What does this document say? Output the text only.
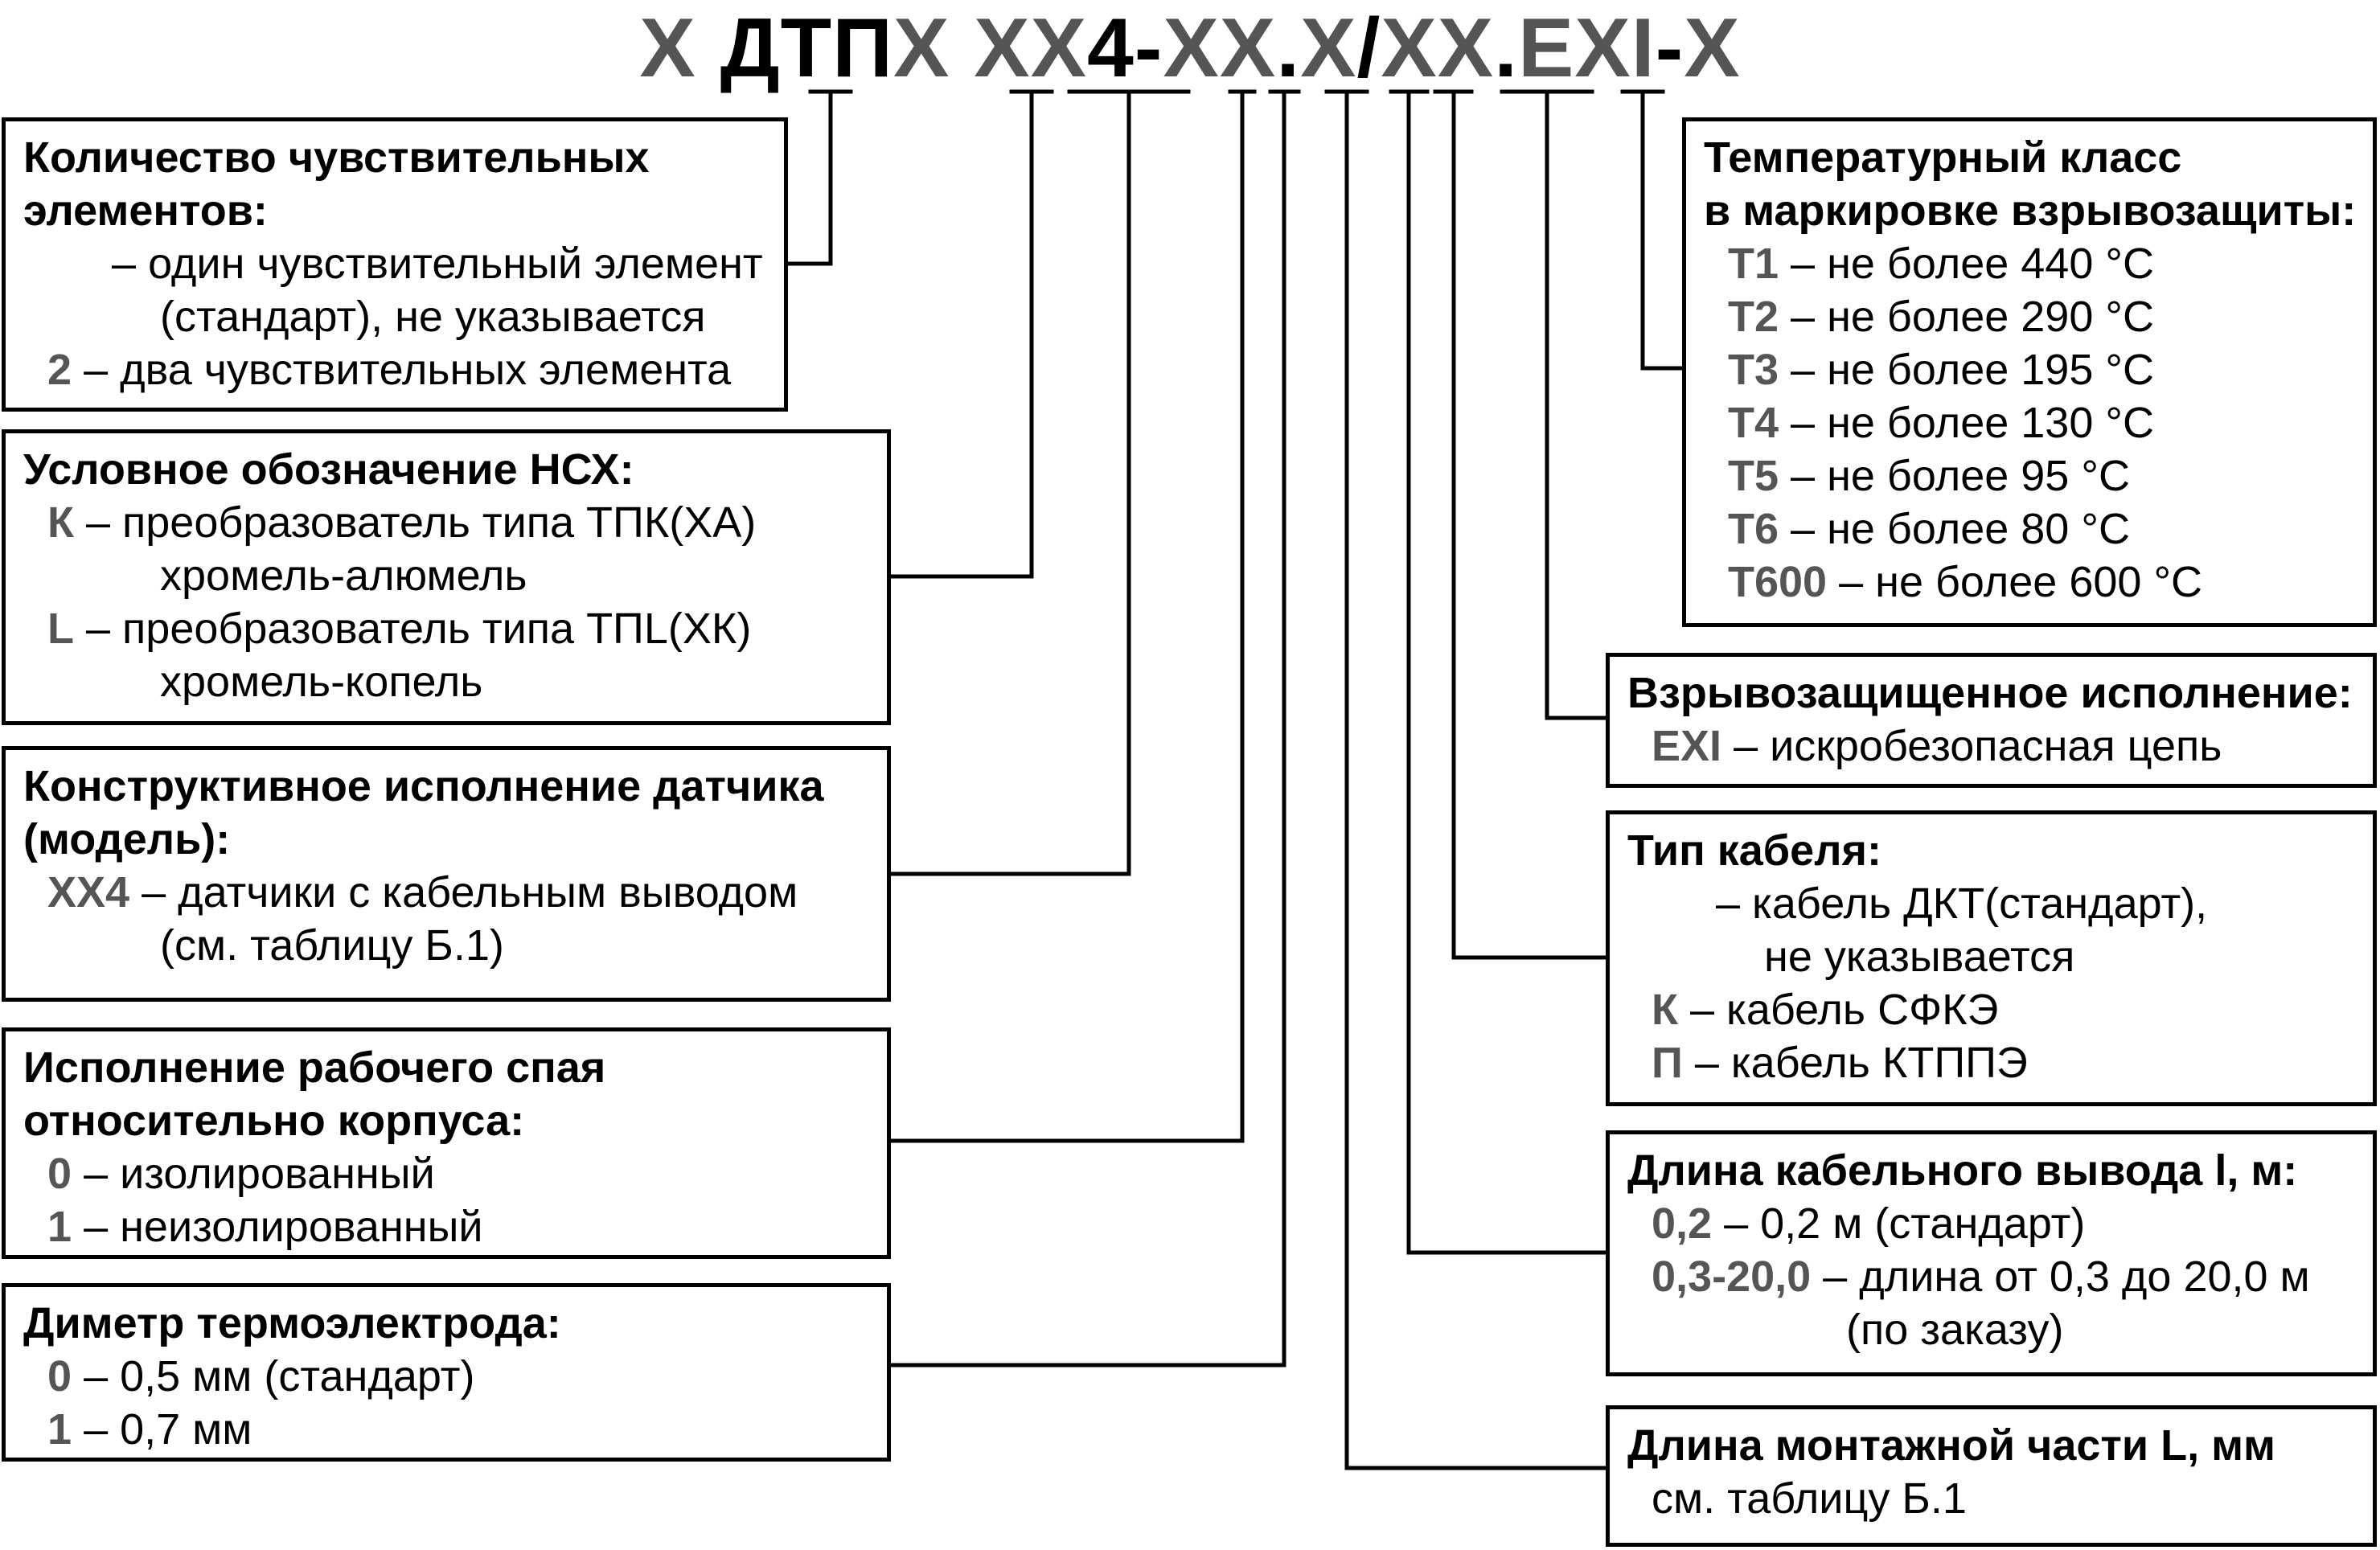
X ДТПX XX4-XX.X/XX.EXI-X
Количество чувствительных
элементов:
– один чувствительный элемент
(стандарт), не указывается
2 – два чувствительных элемента
Условное обозначение НСХ:
К – преобразователь типа ТПК(ХА)
хромель-алюмель
L – преобразователь типа ТПL(ХК)
хромель-копель
Конструктивное исполнение датчика
(модель):
XX4 – датчики с кабельным выводом
(см. таблицу Б.1)
Исполнение рабочего спая
относительно корпуса:
0 – изолированный
1 – неизолированный
Диметр термоэлектрода:
0 – 0,5 мм (стандарт)
1 – 0,7 мм
Температурный класс
в маркировке взрывозащиты:
T1 – не более 440 °C
T2 – не более 290 °C
T3 – не более 195 °C
T4 – не более 130 °C
T5 – не более 95 °C
T6 – не более 80 °C
T600 – не более 600 °C
Взрывозащищенное исполнение:
EXI – искробезопасная цепь
Тип кабеля:
– кабель ДКТ(стандарт),
не указывается
К – кабель СФКЭ
П – кабель КТППЭ
Длина кабельного вывода l, м:
0,2 – 0,2 м (стандарт)
0,3-20,0 – длина от 0,3 до 20,0 м
(по заказу)
Длина монтажной части L, мм
см. таблицу Б.1
